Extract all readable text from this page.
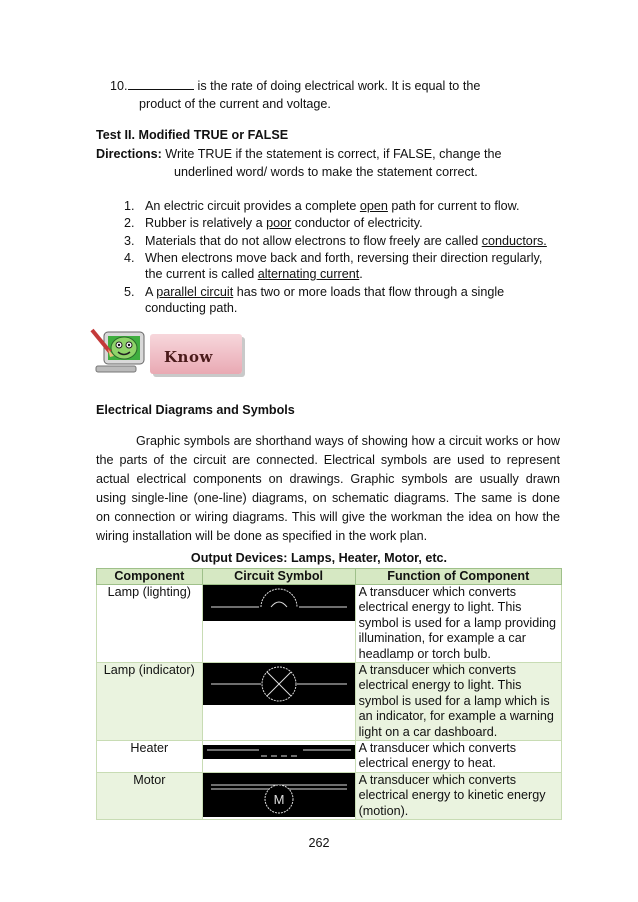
10.	is the rate of doing electrical work. It is equal to the
product of the current and voltage.
Test II. Modified TRUE or FALSE
Directions: Write TRUE if the statement is correct, if FALSE, change the
underlined word/ words to make the statement correct.
1. An electric circuit provides a complete open path for current to flow.
2. Rubber is relatively a poor conductor of electricity.
3. Materials that do not allow electrons to flow freely are called conductors.
4. When electrons move back and forth, reversing their direction regularly,
the current is called alternating current.
5. A parallel circuit has two or more loads that flow through a single
conducting path.
Know
Electrical Diagrams and Symbols
Graphic symbols are shorthand ways of showing how a circuit works or how
the parts of the circuit are connected. Electrical symbols are used to represent
actual electrical components on drawings. Graphic symbols are usually drawn
using single-line (one-line) diagrams, on schematic diagrams. The same is done
on connection or wiring diagrams. This will give the workman the idea on how the
wiring installation will be done as specified in the work plan.
Output Devices: Lamps, Heater, Motor, etc.
Component	Circuit Symbol	Function of Component
Lamp (lighting)		A transducer which converts electrical energy to light. This symbol is used for a lamp providing illumination, for example a car headlamp or torch bulb.
Lamp (indicator)		A transducer which converts electrical energy to light. This symbol is used for a lamp which is an indicator, for example a warning light on a car dashboard.
Heater		A transducer which converts electrical energy to heat.
Motor	M	A transducer which converts electrical energy to kinetic energy (motion).
262
